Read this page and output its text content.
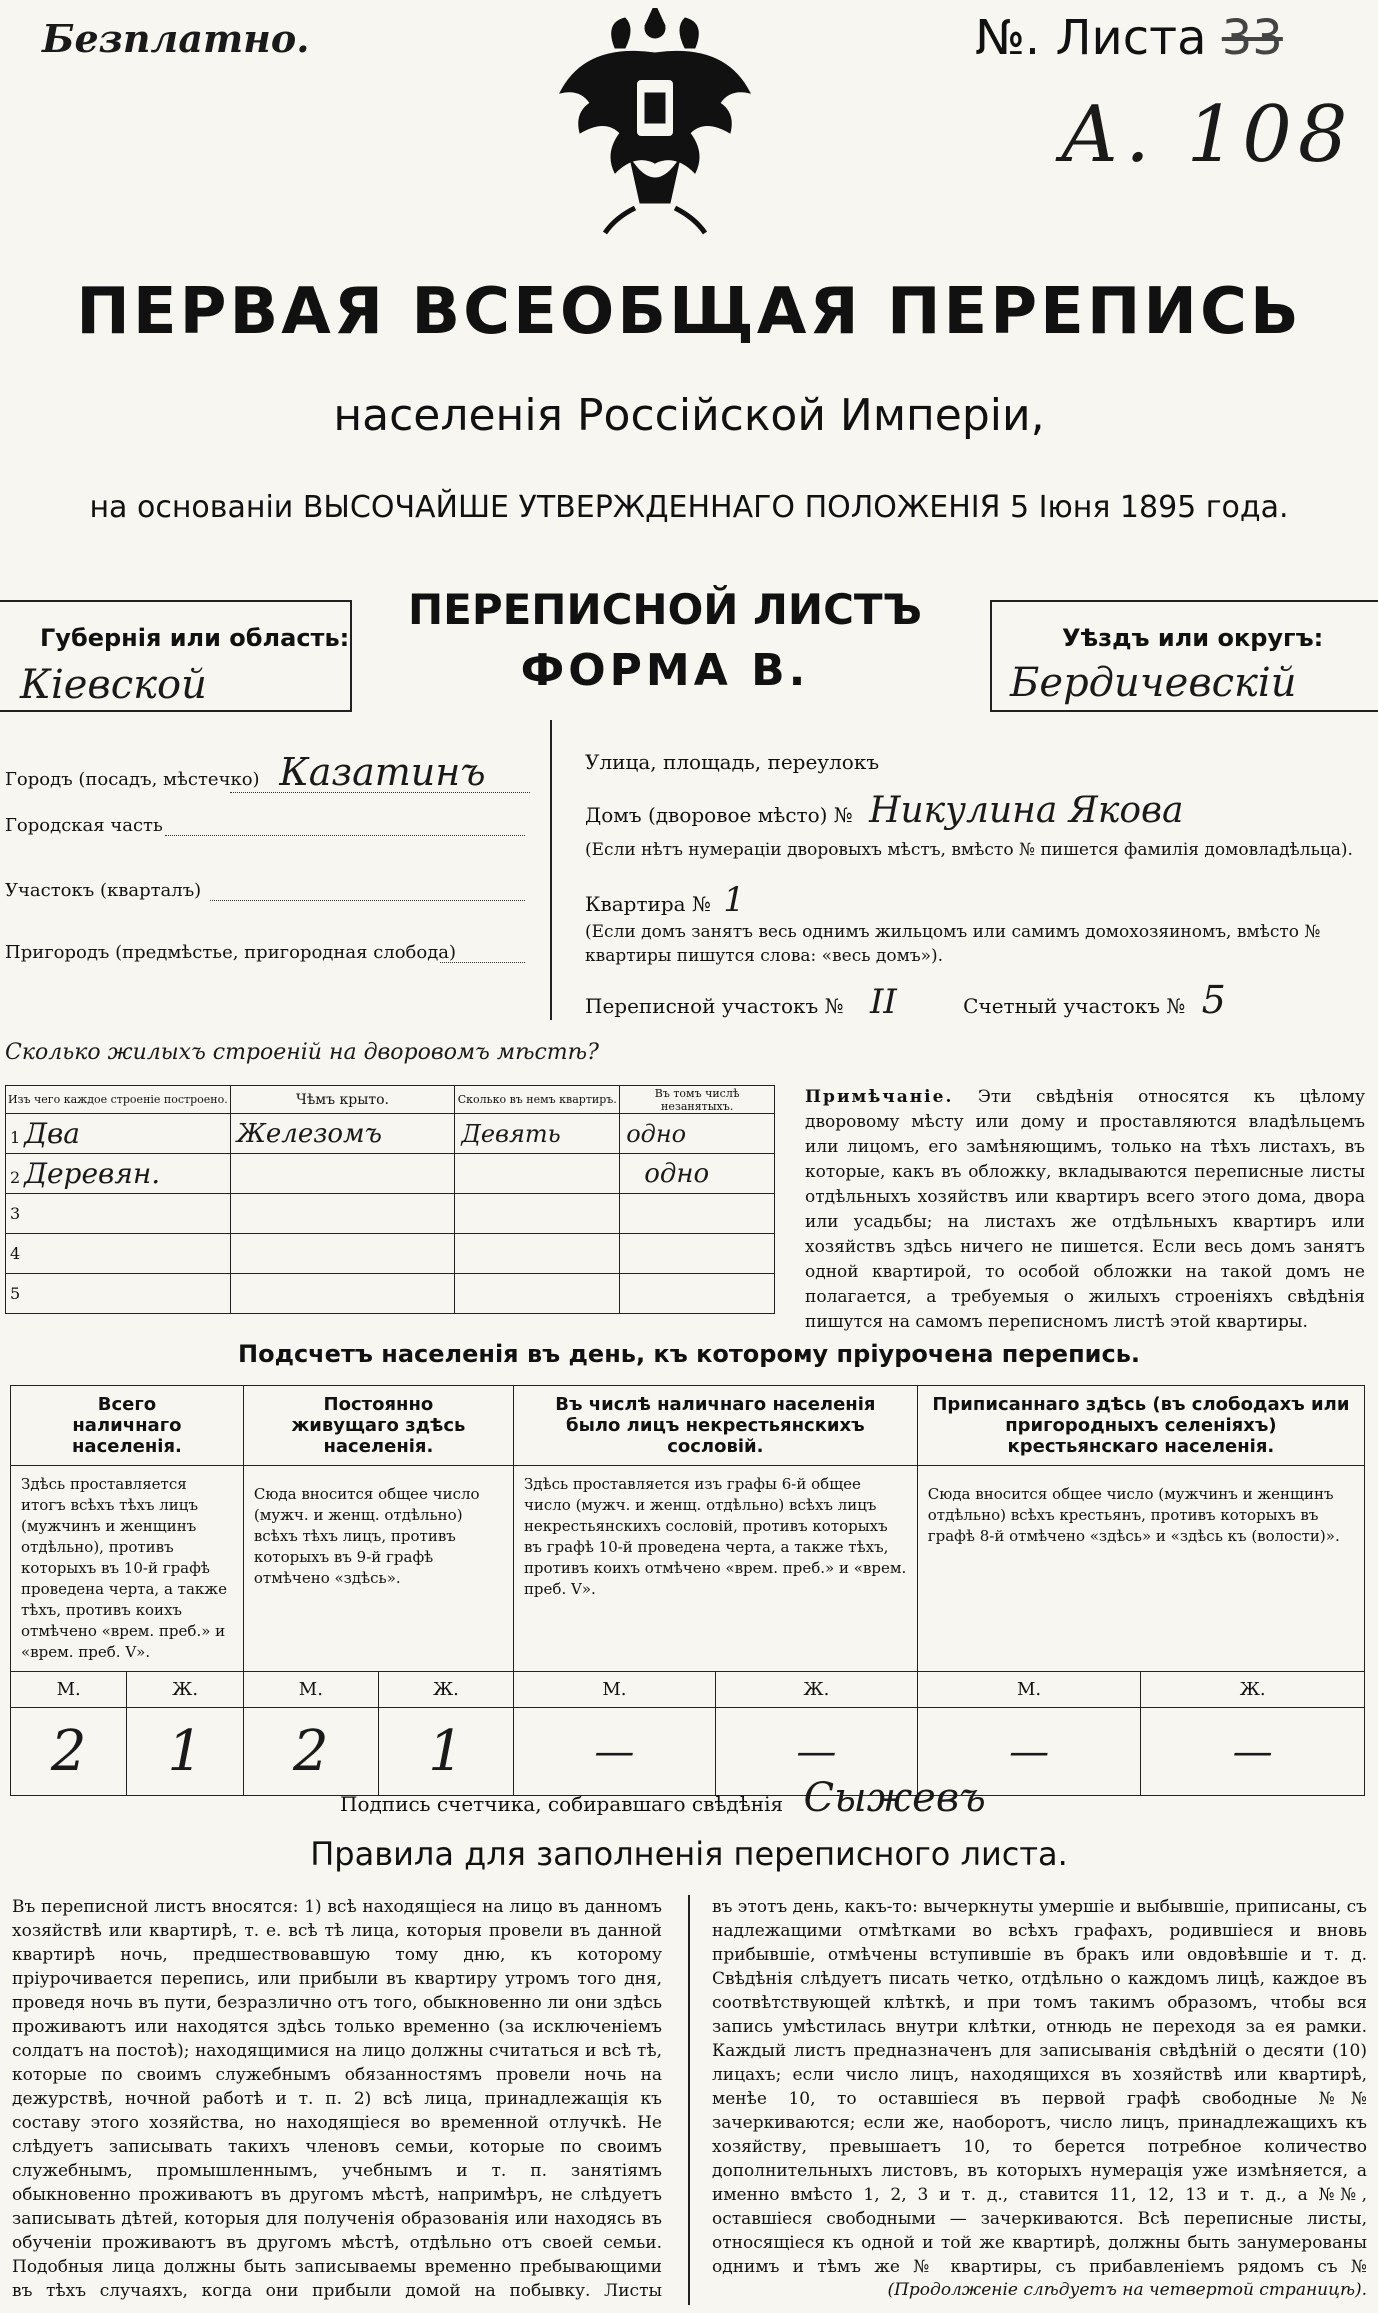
Безплатно.	№. Листа 33
А. 108
ПЕРВАЯ ВСЕОБЩАЯ ПЕРЕПИСЬ
населенія Россійской Имперіи,
на основаніи ВЫСОЧАЙШЕ УТВЕРЖДЕННАГО ПОЛОЖЕНІЯ 5 Іюня 1895 года.
Губернія или область:
Кіевской
ПЕРЕПИСНОЙ ЛИСТЪ
ФОРМА В.
Уѣздъ или округъ:
Бердичевскій
Городъ (посадъ, мѣстечко) Казатинъ
Городская часть
Участокъ (кварталъ)
Пригородъ (предмѣстье, пригородная слобода)
Улица, площадь, переулокъ
Домъ (дворовое мѣсто) № Никулина Якова
(Если нѣтъ нумераціи дворовыхъ мѣстъ, вмѣсто № пишется фамилія домовладѣльца).
Квартира № 1
(Если домъ занятъ весь однимъ жильцомъ или самимъ домохозяиномъ, вмѣсто № квартиры пишутся слова: «весь домъ»).
Переписной участокъ № II	Счетный участокъ № 5
Сколько жилыхъ строеній на дворовомъ мѣстѣ?
Изъ чего каждое строеніе построено.	Чѣмъ крыто.	Сколько въ немъ квартиръ.	Въ томъ числѣ незанятыхъ.
1 Два	Железомъ	Девять	одно
2 Деревян.			одно
3			
4			
5			
Примѣчаніе. Эти свѣдѣнія относятся къ цѣлому дворовому мѣсту или дому и проставляются владѣльцемъ или лицомъ, его замѣняющимъ, только на тѣхъ листахъ, въ которые, какъ въ обложку, вкладываются переписные листы отдѣльныхъ хозяйствъ или квартиръ всего этого дома, двора или усадьбы; на листахъ же отдѣльныхъ квартиръ или хозяйствъ здѣсь ничего не пишется. Если весь домъ занятъ одной квартирой, то особой обложки на такой домъ не полагается, а требуемыя о жилыхъ строеніяхъ свѣдѣнія пишутся на самомъ переписномъ листѣ этой квартиры.
Подсчетъ населенія въ день, къ которому пріурочена перепись.
Всего наличнаго населенія.		Постоянно живущаго здѣсь населенія.		Въ числѣ наличнаго населенія было лицъ некрестьянскихъ сословій.		Приписаннаго здѣсь (въ слободахъ или пригородныхъ селеніяхъ) крестьянскаго населенія.	
Здѣсь проставляется итогъ всѣхъ тѣхъ лицъ (мужчинъ и женщинъ отдѣльно), противъ которыхъ въ 10-й графѣ проведена черта, а также тѣхъ, противъ коихъ отмѣчено «врем. преб.» и «врем. преб. V».		Сюда вносится общее число (мужч. и женщ. отдѣльно) всѣхъ тѣхъ лицъ, противъ которыхъ въ 9-й графѣ отмѣчено «здѣсь».		Здѣсь проставляется изъ графы 6-й общее число (мужч. и женщ. отдѣльно) всѣхъ лицъ некрестьянскихъ сословій, противъ которыхъ въ графѣ 10-й проведена черта, а также тѣхъ, противъ коихъ отмѣчено «врем. преб.» и «врем. преб. V».		Сюда вносится общее число (мужчинъ и женщинъ отдѣльно) всѣхъ крестьянъ, противъ которыхъ въ графѣ 8-й отмѣчено «здѣсь» и «здѣсь къ (волости)».	
М.	Ж.	М.	Ж.	М.	Ж.	М.	Ж.
2	1	2	1	—	—	—	—
Подпись счетчика, собиравшаго свѣдѣнія Сыжевъ
Правила для заполненія переписного листа.
Въ переписной листъ вносятся: 1) всѣ находящіеся на лицо въ данномъ хозяйствѣ или квартирѣ, т. е. всѣ тѣ лица, которыя провели въ данной квартирѣ ночь, предшествовавшую тому дню, къ которому пріурочивается перепись, или прибыли въ квартиру утромъ того дня, проведя ночь въ пути, безразлично отъ того, обыкновенно ли они здѣсь проживаютъ или находятся здѣсь только временно (за исключеніемъ солдатъ на постоѣ); находящимися на лицо должны считаться и всѣ тѣ, которые по своимъ служебнымъ обязанностямъ провели ночь на дежурствѣ, ночной работѣ и т. п. 2) всѣ лица, принадлежащія къ составу этого хозяйства, но находящіеся во временной отлучкѣ. Не слѣдуетъ записывать такихъ членовъ семьи, которые по своимъ служебнымъ, промышленнымъ, учебнымъ и т. п. занятіямъ обыкновенно проживаютъ въ другомъ мѣстѣ, напримѣръ, не слѣдуетъ записывать дѣтей, которыя для полученія образованія или находясь въ обученіи проживаютъ въ другомъ мѣстѣ, отдѣльно отъ своей семьи. Подобныя лица должны быть записываемы временно пребывающими въ тѣхъ случаяхъ, когда они прибыли домой на побывку. Листы
въ этотъ день, какъ-то: вычеркнуты умершіе и выбывшіе, приписаны, съ надлежащими отмѣтками во всѣхъ графахъ, родившіеся и вновь прибывшіе, отмѣчены вступившіе въ бракъ или овдовѣвшіе и т. д. Свѣдѣнія слѣдуетъ писать четко, отдѣльно о каждомъ лицѣ, каждое въ соотвѣтствующей клѣткѣ, и при томъ такимъ образомъ, чтобы вся запись умѣстилась внутри клѣтки, отнюдь не переходя за ея рамки. Каждый листъ предназначенъ для записыванія свѣдѣній о десяти (10) лицахъ; если число лицъ, находящихся въ хозяйствѣ или квартирѣ, менѣе 10, то оставшіеся въ первой графѣ свободные №№ зачеркиваются; если же, наоборотъ, число лицъ, принадлежащихъ къ хозяйству, превышаетъ 10, то берется потребное количество дополнительныхъ листовъ, въ которыхъ нумерація уже измѣняется, а именно вмѣсто 1, 2, 3 и т. д., ставится 11, 12, 13 и т. д., а №№, оставшіеся свободными — зачеркиваются. Всѣ переписные листы, относящіеся къ одной и той же квартирѣ, должны быть занумерованы однимъ и тѣмъ же № квартиры, съ прибавленіемъ рядомъ съ №
(Продолженіе слѣдуетъ на четвертой страницѣ).
